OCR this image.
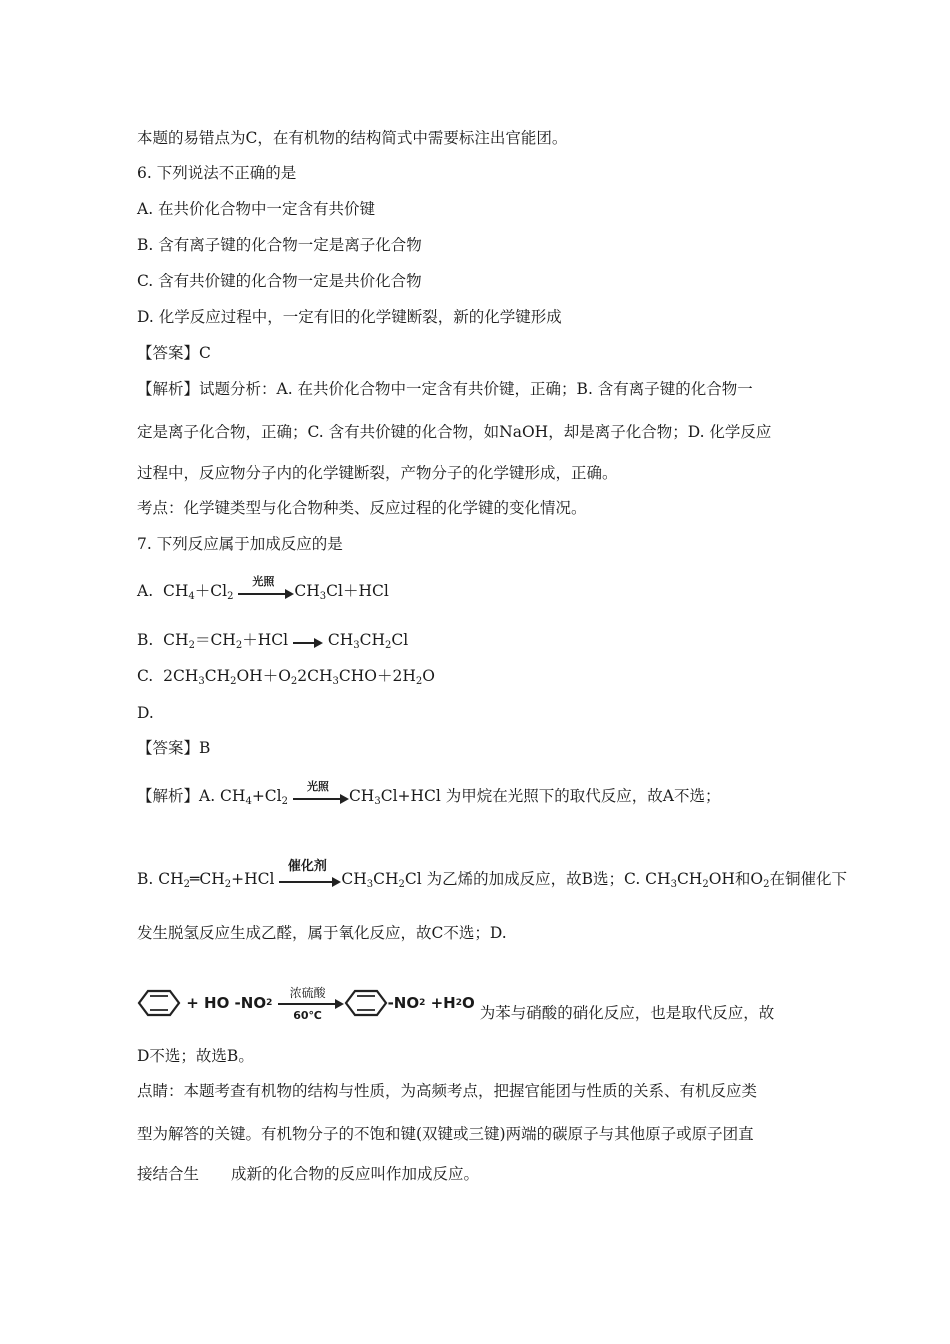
本题的易错点为C，在有机物的结构简式中需要标注出官能团。
6. 下列说法不正确的是
A. 在共价化合物中一定含有共价键
B. 含有离子键的化合物一定是离子化合物
C. 含有共价键的化合物一定是共价化合物
D. 化学反应过程中，一定有旧的化学键断裂，新的化学键形成
【答案】C
【解析】试题分析：A. 在共价化合物中一定含有共价键，正确；B. 含有离子键的化合物一
定是离子化合物，正确；C. 含有共价键的化合物，如NaOH，却是离子化合物；D. 化学反应
过程中，反应物分子内的化学键断裂，产物分子的化学键形成，正确。
考点：化学键类型与化合物种类、反应过程的化学键的变化情况。
7. 下列反应属于加成反应的是
A.  $CH_4+Cl_2$
光照
$CH_3Cl+HCl$
B.  $CH_2=CH_2+HCl$
$CH_3CH_2Cl$
C.  $2CH_3CH_2OH+O_22CH_3CHO+2H_2O$
D.
【答案】B
【解析】A. $CH_4+Cl_2$
光照
$CH_3Cl+HCl$ 为甲烷在光照下的取代反应，故A不选；
B. $CH_2═CH_2+HCl$
催化剂
$CH_3CH_2Cl$ 为乙烯的加成反应，故B选；C. $CH_3CH_2OH$和$O_2$在铜催化下
发生脱氢反应生成乙醛，属于氧化反应，故C不选；D.
+ HO -NO 2

浓硫酸
60℃
-NO 2 +H 2 O 为苯与硝酸的硝化反应，也是取代反应，故
D不选；故选B。
点睛：本题考查有机物的结构与性质，为高频考点，把握官能团与性质的关系、有机反应类
型为解答的关键。有机物分子的不饱和键(双键或三键)两端的碳原子与其他原子或原子团直
接结合生 成新的化合物的反应叫作加成反应。
